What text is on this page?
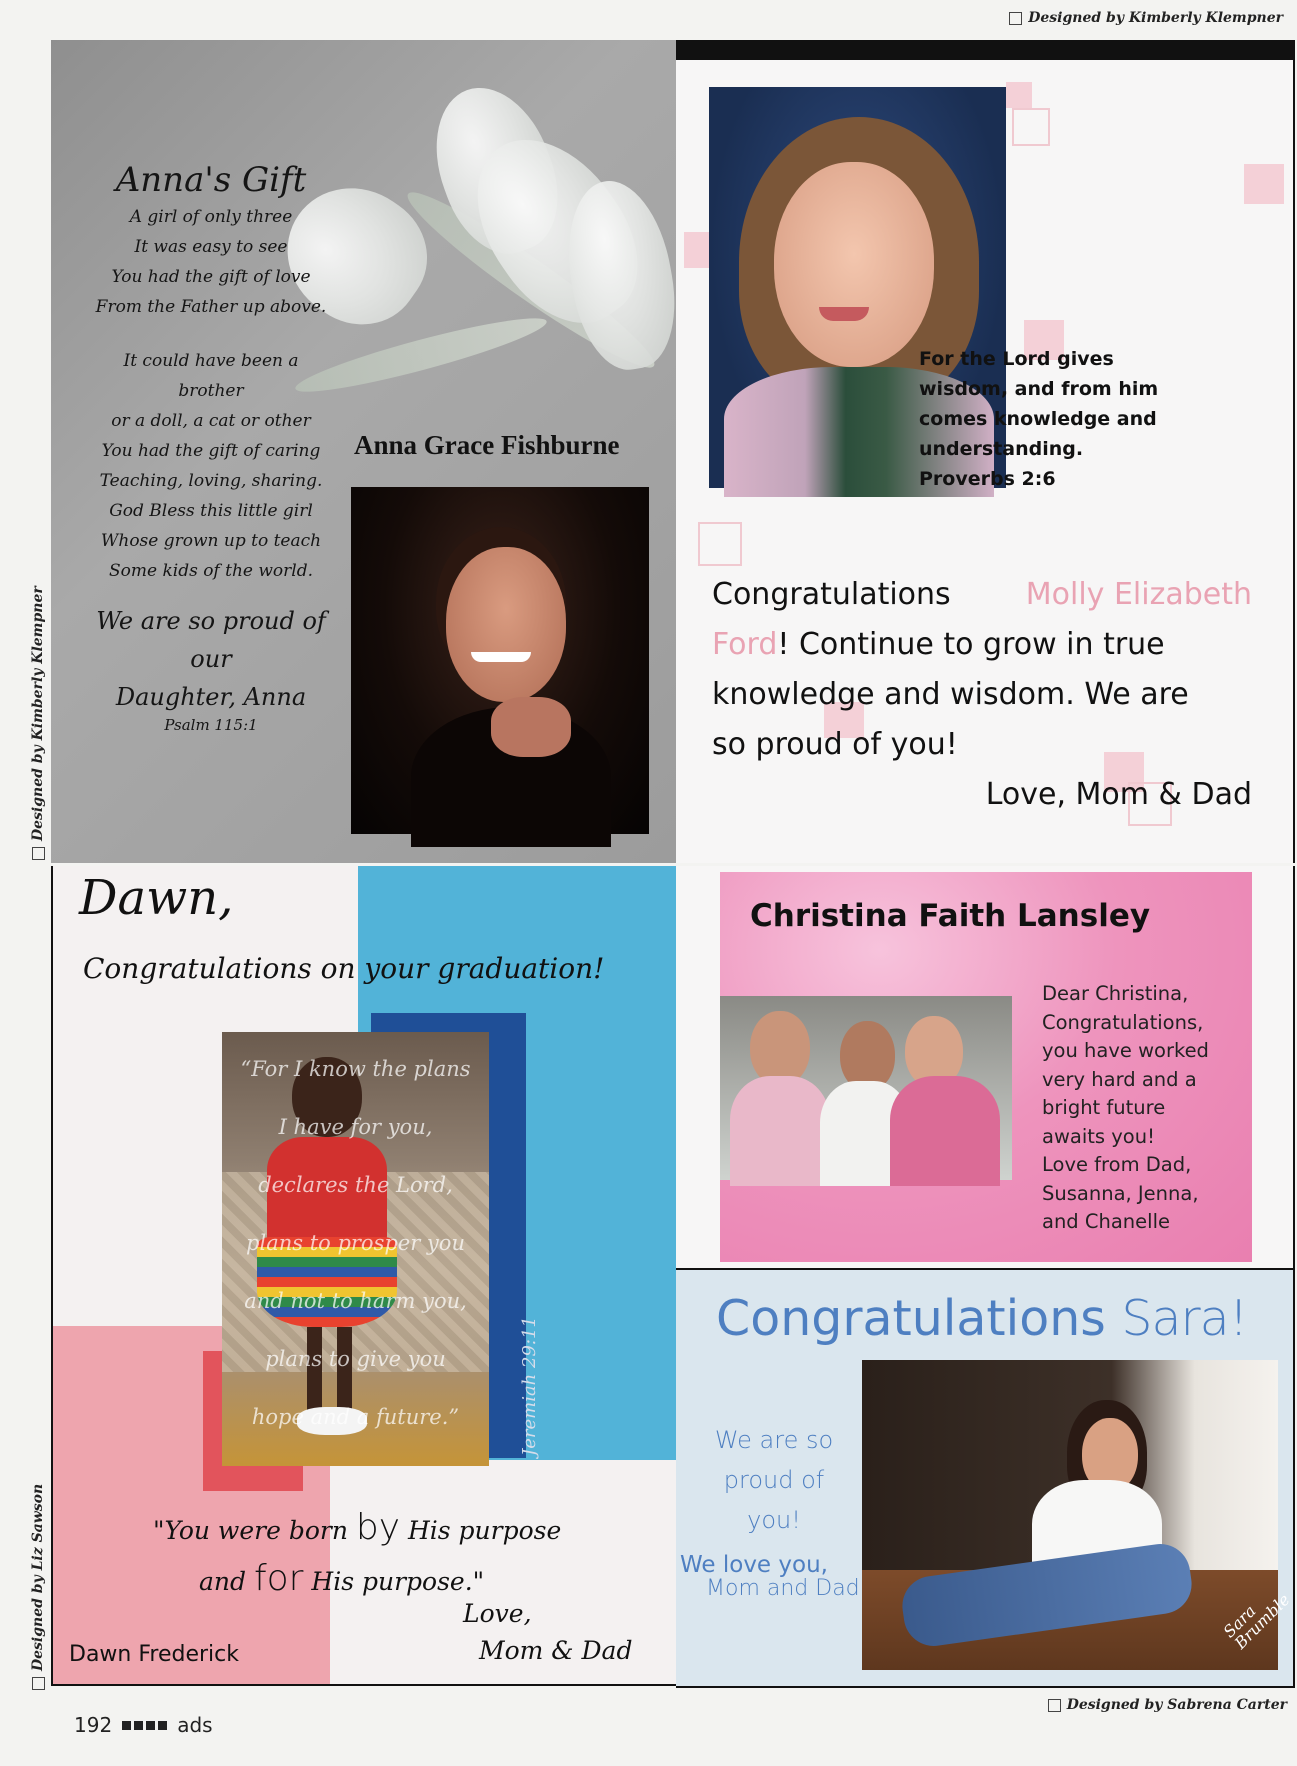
Designed by Kimberly Klempner
Designed by Kimberly Klempner
Designed by Liz Sawson
Designed by Sabrena Carter
Anna's Gift
A girl of only three
It was easy to see
You had the gift of love
From the Father up above.
It could have been a brother
or a doll, a cat or other
You had the gift of caring
Teaching, loving, sharing.
God Bless this little girl
Whose grown up to teach
Some kids of the world.
We are so proud of our
Daughter, Anna
Psalm 115:1
Anna Grace Fishburne
For the Lord gives
wisdom, and from him
comes knowledge and
understanding.
Proverbs 2:6
Congratulations	Molly Elizabeth
Ford! Continue to grow in true
knowledge and wisdom. We are
so proud of you!
Love, Mom & Dad
Dawn,
Congratulations on your graduation!
“For I know the plans
I have for you,
declares the Lord,
plans to prosper you
and not to harm you,
plans to give you
hope and a future.”	Jeremiah 29:11
"You were born by His purpose
and for His purpose."
Love,
Mom & Dad
Dawn Frederick
Christina Faith Lansley
Dear Christina,
Congratulations,
you have worked
very hard and a
bright future
awaits you!
Love from Dad,
Susanna, Jenna,
and Chanelle
Congratulations Sara!
We are so
proud of you!
We love you,
Mom and Dad
Sara Brumble
192	ads
